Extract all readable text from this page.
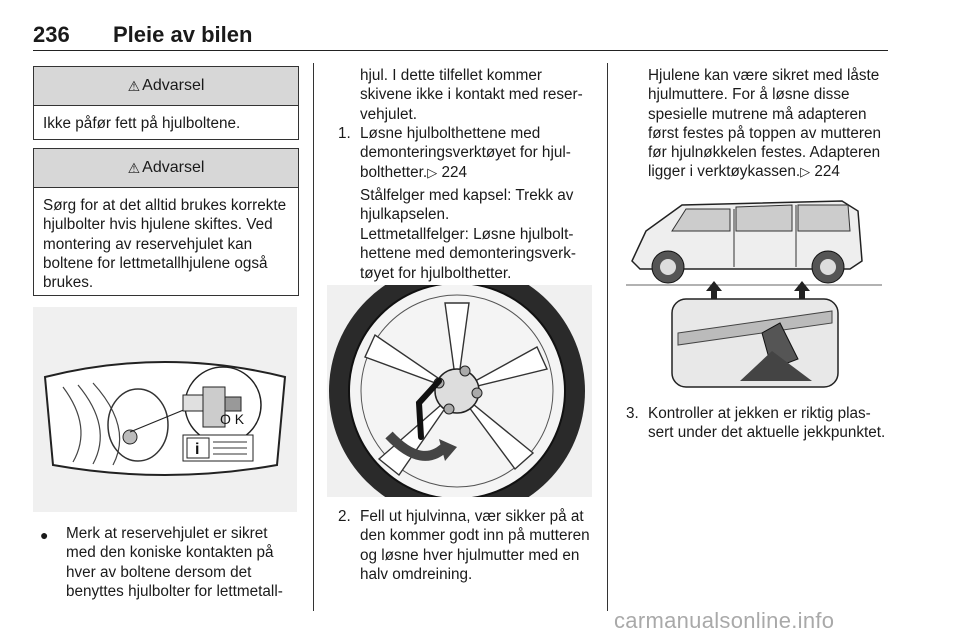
236 Pleie av bilen
⚠ Advarsel
Ikke påfør fett på hjulboltene.
⚠ Advarsel
Sørg for at det alltid brukes korrekte hjulbolter hvis hjulene skiftes. Ved montering av reservehjulet kan boltene for lettmetallhjulene også brukes.
O K
i
● Merk at reservehjulet er sikret med den koniske kontakten på hver av boltene dersom det benyttes hjulbolter for lettmetall-
hjul. I dette tilfellet kommer skivene ikke i kontakt med reservehjulet.
1. Løsne hjulbolthettene med demonteringsverktøyet for hjulbolthetter.▷ 224
Stålfelger med kapsel: Trekk av hjulkapselen.
Lettmetallfelger: Løsne hjulbolthettene med demonteringsverktøyet for hjulbolthetter.
2. Fell ut hjulvinna, vær sikker på at den kommer godt inn på mutteren og løsne hver hjulmutter med en halv omdreining.
Hjulene kan være sikret med låste hjulmuttere. For å løsne disse spesielle mutrene må adapteren først festes på toppen av mutteren før hjulnøkkelen festes. Adapteren ligger i verktøykassen.▷ 224
3. Kontroller at jekken er riktig plassert under det aktuelle jekkpunktet.
carmanualsonline.info
